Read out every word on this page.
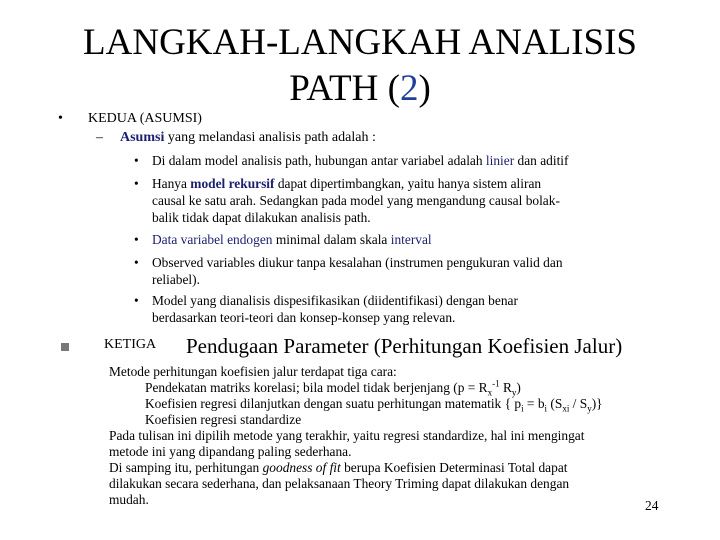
LANGKAH-LANGKAH ANALISIS
PATH (2)
• KEDUA (ASUMSI)
– Asumsi yang melandasi analisis path adalah :
• Di dalam model analisis path, hubungan antar variabel adalah linier dan aditif
• Hanya model rekursif dapat dipertimbangkan, yaitu hanya sistem aliran
causal ke satu arah. Sedangkan pada model yang mengandung causal bolak-
balik tidak dapat dilakukan analisis path.
• Data variabel endogen minimal dalam skala interval
• Observed variables diukur tanpa kesalahan (instrumen pengukuran valid dan
reliabel).
• Model yang dianalisis dispesifikasikan (diidentifikasi) dengan benar
berdasarkan teori-teori dan konsep-konsep yang relevan.
KETIGA Pendugaan Parameter (Perhitungan Koefisien Jalur)
Metode perhitungan koefisien jalur terdapat tiga cara:
Pendekatan matriks korelasi; bila model tidak berjenjang ($p = R_x^{-1}$ $R_y$)
Koefisien regresi dilanjutkan dengan suatu perhitungan matematik { $p_i = b_i$ $(S_{xi} / S_y)$}
Koefisien regresi standardize
Pada tulisan ini dipilih metode yang terakhir, yaitu regresi standardize, hal ini mengingat
metode ini yang dipandang paling sederhana.
Di samping itu, perhitungan goodness of fit berupa Koefisien Determinasi Total dapat
dilakukan secara sederhana, dan pelaksanaan Theory Triming dapat dilakukan dengan
mudah.	24
